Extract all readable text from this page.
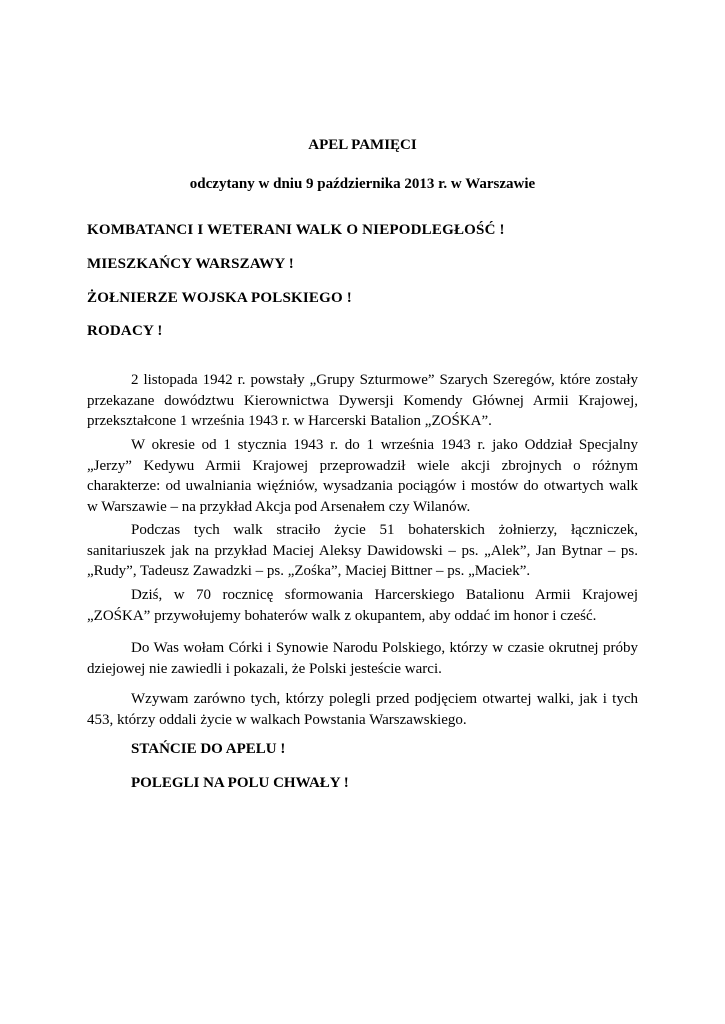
APEL PAMIĘCI

odczytany w dniu 9 października 2013 r. w Warszawie

KOMBATANCI I WETERANI WALK O NIEPODLEGŁOŚĆ !

MIESZKAŃCY WARSZAWY !

ŻOŁNIERZE WOJSKA POLSKIEGO !

RODACY !

2 listopada 1942 r. powstały „Grupy Szturmowe” Szarych Szeregów, które zostały przekazane dowództwu Kierownictwa Dywersji Komendy Głównej Armii Krajowej, przekształcone 1 września 1943 r. w Harcerski Batalion „ZOŚKA”.

W okresie od 1 stycznia 1943 r. do 1 września 1943 r. jako Oddział Specjalny „Jerzy” Kedywu Armii Krajowej przeprowadził wiele akcji zbrojnych o różnym charakterze: od uwalniania więźniów, wysadzania pociągów i mostów do otwartych walk w Warszawie – na przykład Akcja pod Arsenałem czy Wilanów.

Podczas tych walk straciło życie 51 bohaterskich żołnierzy, łączniczek, sanitariuszek jak na przykład Maciej Aleksy Dawidowski – ps. „Alek”, Jan Bytnar – ps. „Rudy”, Tadeusz Zawadzki – ps. „Zośka”, Maciej Bittner – ps. „Maciek”.

Dziś, w 70 rocznicę sformowania Harcerskiego Batalionu Armii Krajowej „ZOŚKA” przywołujemy bohaterów walk z okupantem, aby oddać im honor i cześć.

Do Was wołam Córki i Synowie Narodu Polskiego, którzy w czasie okrutnej próby dziejowej nie zawiedli i pokazali, że Polski jesteście warci.

Wzywam zarówno tych, którzy polegli przed podjęciem otwartej walki, jak i tych 453, którzy oddali życie w walkach Powstania Warszawskiego.

STAŃCIE DO APELU !

POLEGLI NA POLU CHWAŁY !
